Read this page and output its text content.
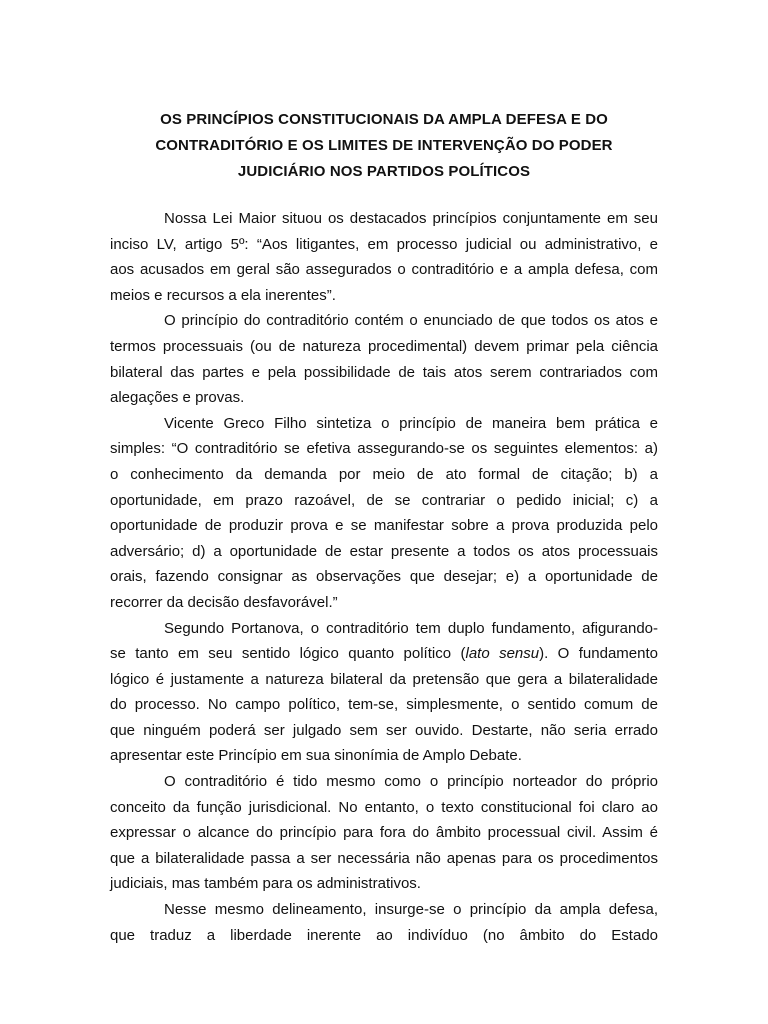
OS PRINCÍPIOS CONSTITUCIONAIS DA AMPLA DEFESA E DO
CONTRADITÓRIO E OS LIMITES DE INTERVENÇÃO DO PODER
JUDICIÁRIO NOS PARTIDOS POLÍTICOS

Nossa Lei Maior situou os destacados princípios conjuntamente em seu
inciso LV, artigo 5º: “Aos litigantes, em processo judicial ou administrativo, e
aos acusados em geral são assegurados o contraditório e a ampla defesa, com
meios e recursos a ela inerentes”.

O princípio do contraditório contém o enunciado de que todos os atos e
termos processuais (ou de natureza procedimental) devem primar pela ciência
bilateral das partes e pela possibilidade de tais atos serem contrariados com
alegações e provas.

Vicente Greco Filho sintetiza o princípio de maneira bem prática e
simples: “O contraditório se efetiva assegurando-se os seguintes elementos: a)
o conhecimento da demanda por meio de ato formal de citação; b) a
oportunidade, em prazo razoável, de se contrariar o pedido inicial; c) a
oportunidade de produzir prova e se manifestar sobre a prova produzida pelo
adversário; d) a oportunidade de estar presente a todos os atos processuais
orais, fazendo consignar as observações que desejar; e) a oportunidade de
recorrer da decisão desfavorável.”

Segundo Portanova, o contraditório tem duplo fundamento, afigurando-
se tanto em seu sentido lógico quanto político (lato sensu). O fundamento
lógico é justamente a natureza bilateral da pretensão que gera a bilateralidade
do processo. No campo político, tem-se, simplesmente, o sentido comum de
que ninguém poderá ser julgado sem ser ouvido. Destarte, não seria errado
apresentar este Princípio em sua sinonímia de Amplo Debate.

O contraditório é tido mesmo como o princípio norteador do próprio
conceito da função jurisdicional. No entanto, o texto constitucional foi claro ao
expressar o alcance do princípio para fora do âmbito processual civil. Assim é
que a bilateralidade passa a ser necessária não apenas para os procedimentos
judiciais, mas também para os administrativos.

Nesse mesmo delineamento, insurge-se o princípio da ampla defesa,
que traduz a liberdade inerente ao indivíduo (no âmbito do Estado
